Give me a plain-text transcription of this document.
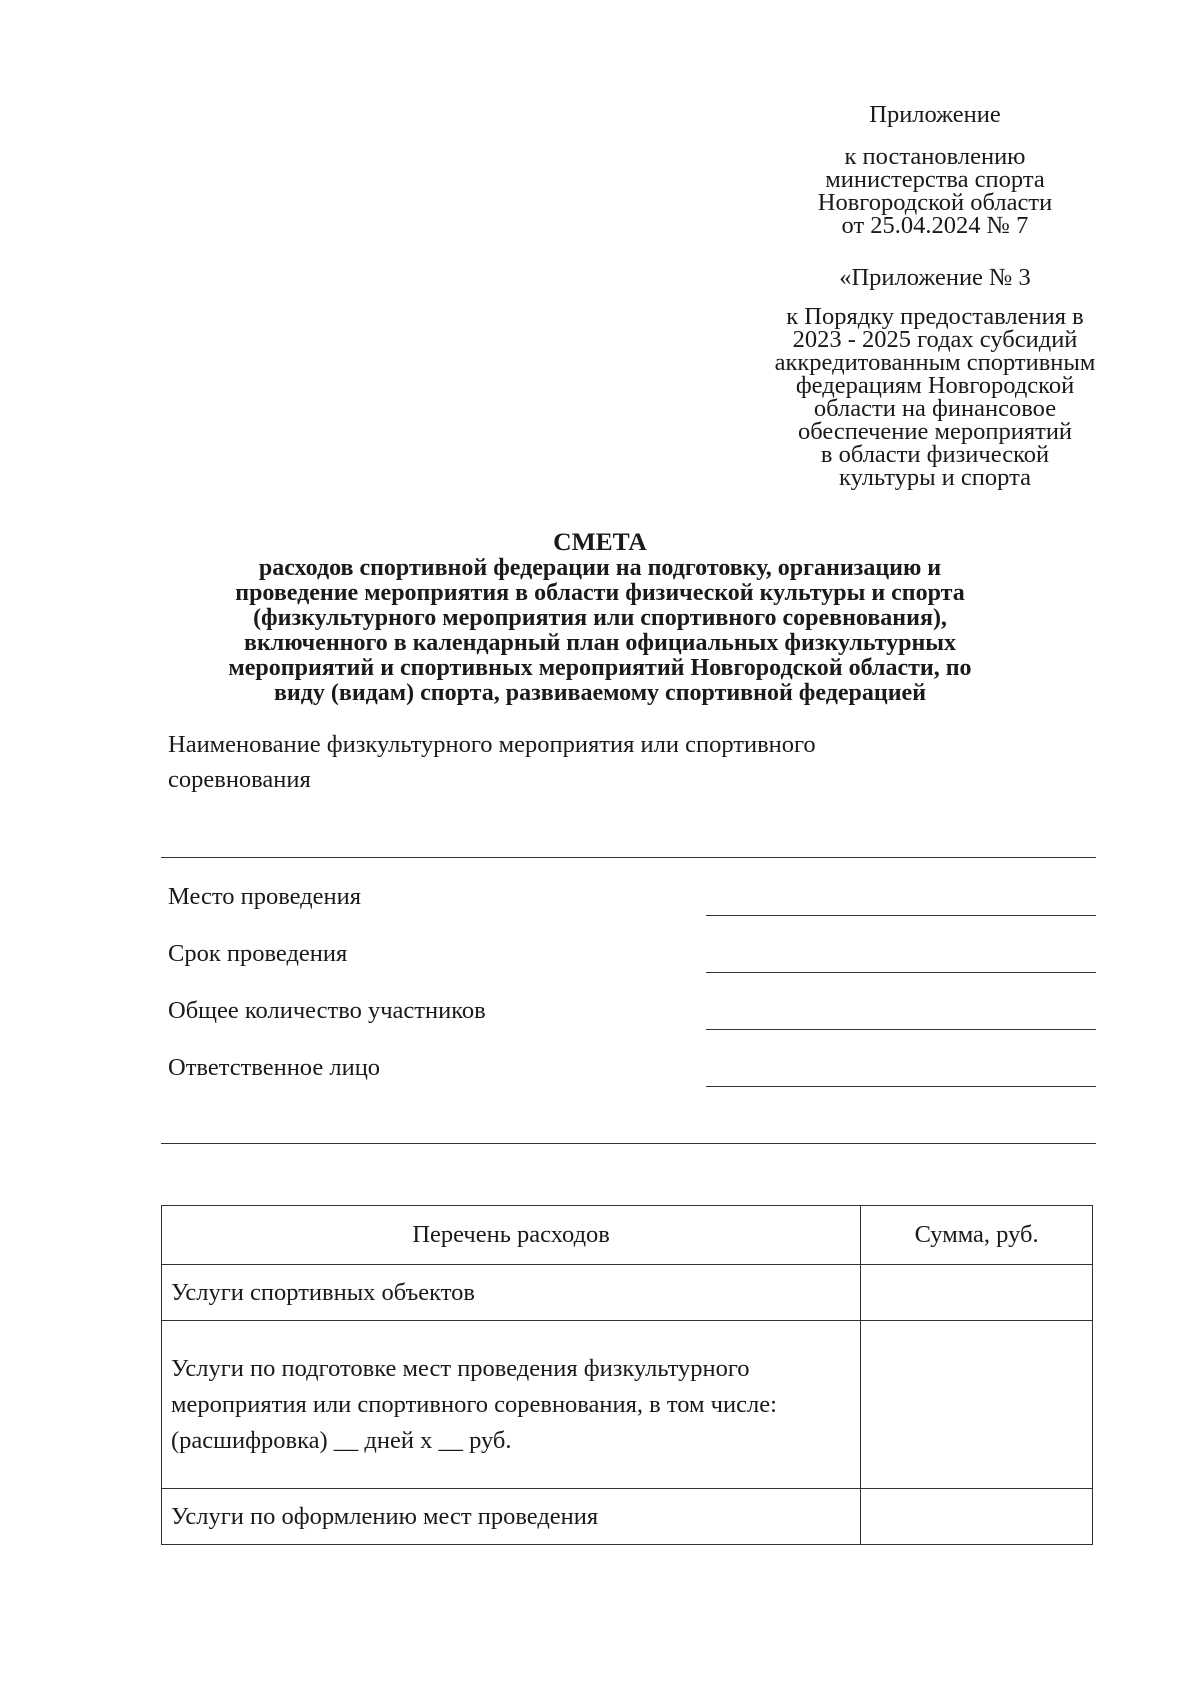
Приложение
к постановлению
министерства спорта
Новгородской области
от 25.04.2024 № 7
«Приложение № 3
к Порядку предоставления в
2023 - 2025 годах субсидий
аккредитованным спортивным
федерациям Новгородской
области на финансовое
обеспечение мероприятий
в области физической
культуры и спорта
СМЕТА
расходов спортивной федерации на подготовку, организацию и
проведение мероприятия в области физической культуры и спорта
(физкультурного мероприятия или спортивного соревнования),
включенного в календарный план официальных физкультурных
мероприятий и спортивных мероприятий Новгородской области, по
виду (видам) спорта, развиваемому спортивной федерацией
Наименование физкультурного мероприятия или спортивного
соревнования
Место проведения
Срок проведения
Общее количество участников
Ответственное лицо
Перечень расходов	Сумма, руб.
Услуги спортивных объектов	
Услуги по подготовке мест проведения физкультурного мероприятия или спортивного соревнования, в том числе: (расшифровка) __ дней х __ руб.	
Услуги по оформлению мест проведения	
